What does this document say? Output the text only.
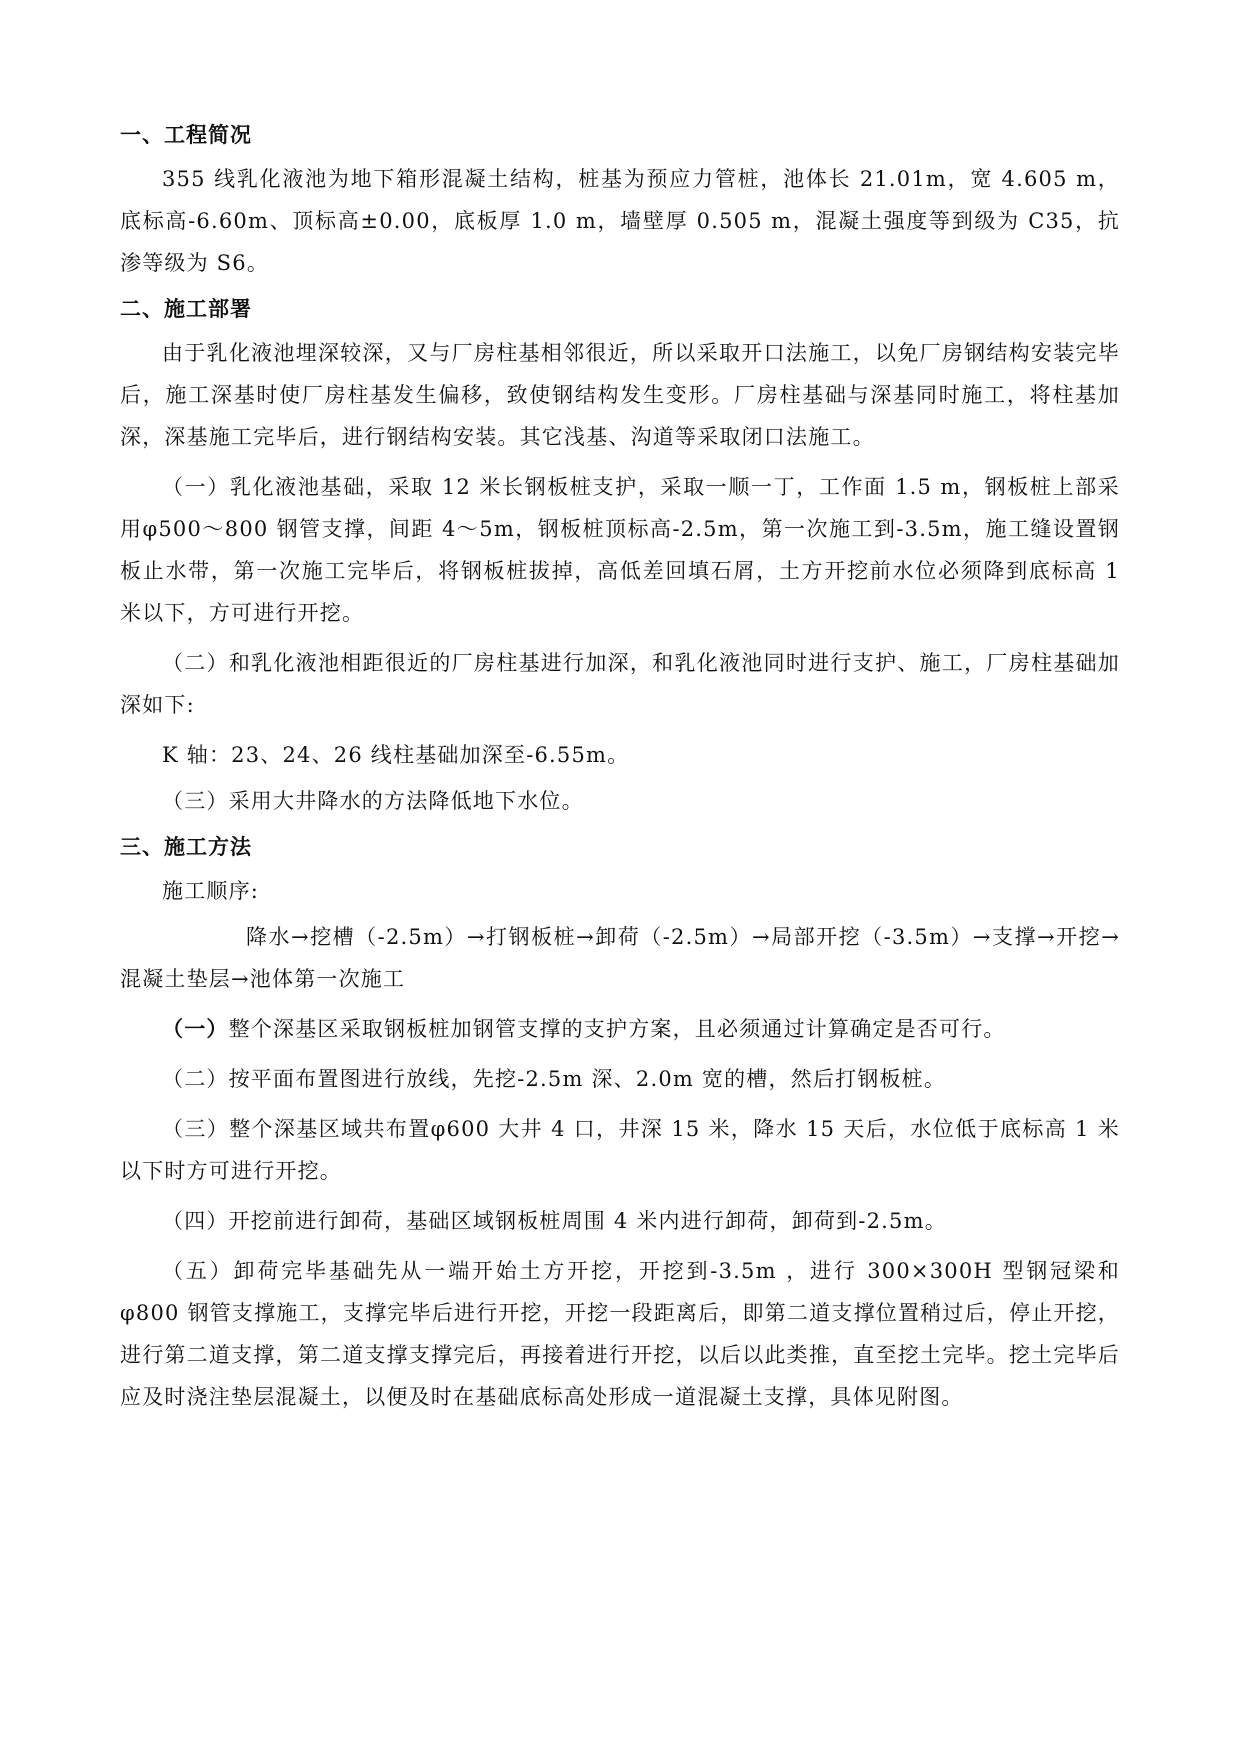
一、工程简况

355 线乳化液池为地下箱形混凝土结构，桩基为预应力管桩，池体长 21.01m，宽 4.605 m，底标高-6.60m、顶标高±0.00，底板厚 1.0 m，墙壁厚 0.505 m，混凝土强度等到级为 C35，抗渗等级为 S6。

二、施工部署

由于乳化液池埋深较深，又与厂房柱基相邻很近，所以采取开口法施工，以免厂房钢结构安装完毕后，施工深基时使厂房柱基发生偏移，致使钢结构发生变形。厂房柱基础与深基同时施工，将柱基加深，深基施工完毕后，进行钢结构安装。其它浅基、沟道等采取闭口法施工。

（一）乳化液池基础，采取 12 米长钢板桩支护，采取一顺一丁，工作面 1.5 m，钢板桩上部采用φ500～800 钢管支撑，间距 4～5m，钢板桩顶标高-2.5m，第一次施工到-3.5m，施工缝设置钢板止水带，第一次施工完毕后，将钢板桩拔掉，高低差回填石屑，土方开挖前水位必须降到底标高 1 米以下，方可进行开挖。

（二）和乳化液池相距很近的厂房柱基进行加深，和乳化液池同时进行支护、施工，厂房柱基础加深如下:

K 轴：23、24、26 线柱基础加深至-6.55m。

（三）采用大井降水的方法降低地下水位。

三、施工方法

施工顺序:

降水→挖槽（-2.5m）→打钢板桩→卸荷（-2.5m）→局部开挖（-3.5m）→支撑→开挖→混凝土垫层→池体第一次施工

（一）整个深基区采取钢板桩加钢管支撑的支护方案，且必须通过计算确定是否可行。

（二）按平面布置图进行放线，先挖-2.5m 深、2.0m 宽的槽，然后打钢板桩。

（三）整个深基区域共布置φ600 大井 4 口，井深 15 米，降水 15 天后，水位低于底标高 1 米以下时方可进行开挖。

（四）开挖前进行卸荷，基础区域钢板桩周围 4 米内进行卸荷，卸荷到-2.5m。

（五）卸荷完毕基础先从一端开始土方开挖，开挖到-3.5m ，进行 300×300H 型钢冠梁和φ800 钢管支撑施工，支撑完毕后进行开挖，开挖一段距离后，即第二道支撑位置稍过后，停止开挖，进行第二道支撑，第二道支撑支撑完后，再接着进行开挖，以后以此类推，直至挖土完毕。挖土完毕后应及时浇注垫层混凝土，以便及时在基础底标高处形成一道混凝土支撑，具体见附图。
